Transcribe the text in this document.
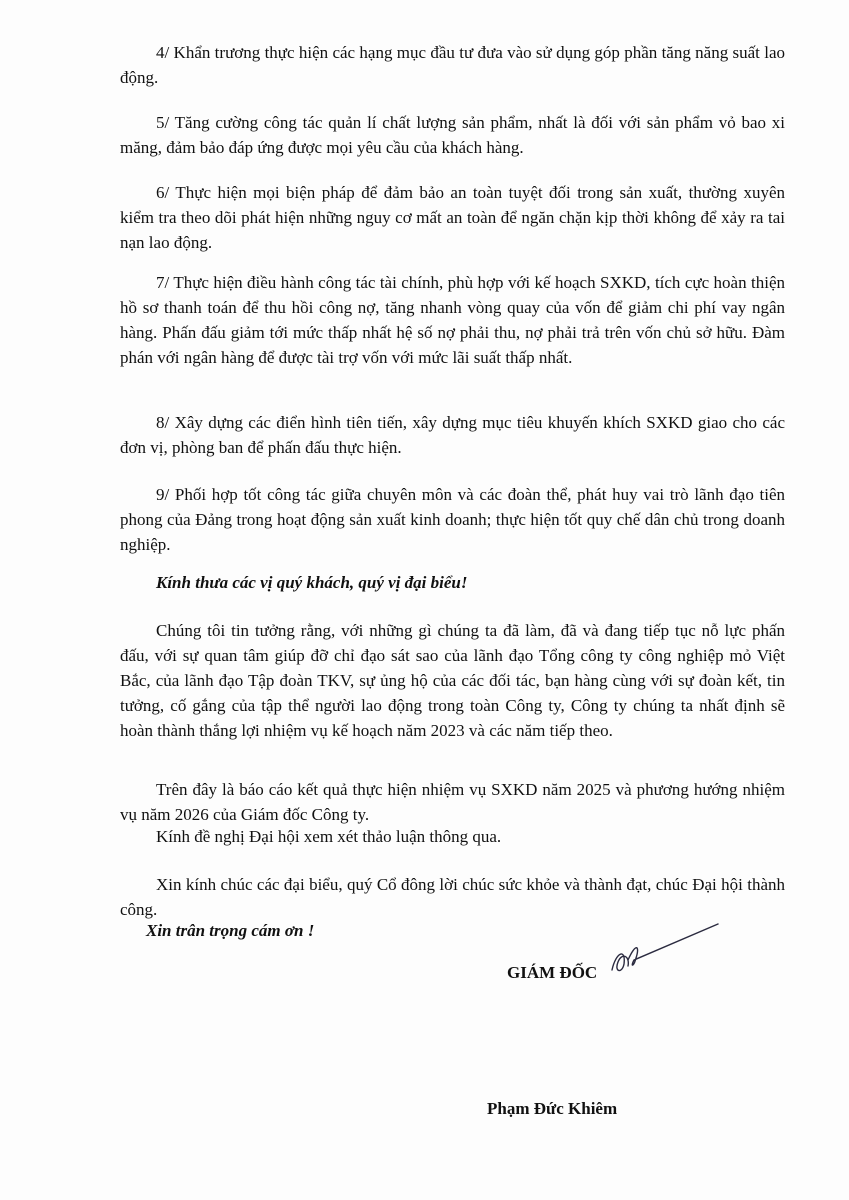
4/ Khẩn trương thực hiện các hạng mục đầu tư đưa vào sử dụng góp phần tăng năng suất lao động.

5/ Tăng cường công tác quản lí chất lượng sản phẩm, nhất là đối với sản phẩm vỏ bao xi măng, đảm bảo đáp ứng được mọi yêu cầu của khách hàng.

6/ Thực hiện mọi biện pháp để đảm bảo an toàn tuyệt đối trong sản xuất, thường xuyên kiểm tra theo dõi phát hiện những nguy cơ mất an toàn để ngăn chặn kịp thời không để xảy ra tai nạn lao động.

7/ Thực hiện điều hành công tác tài chính, phù hợp với kế hoạch SXKD, tích cực hoàn thiện hồ sơ thanh toán để thu hồi công nợ, tăng nhanh vòng quay của vốn để giảm chi phí vay ngân hàng. Phấn đấu giảm tới mức thấp nhất hệ số nợ phải thu, nợ phải trả trên vốn chủ sở hữu. Đàm phán với ngân hàng để được tài trợ vốn với mức lãi suất thấp nhất.

8/ Xây dựng các điển hình tiên tiến, xây dựng mục tiêu khuyến khích SXKD giao cho các đơn vị, phòng ban để phấn đấu thực hiện.

9/ Phối hợp tốt công tác giữa chuyên môn và các đoàn thể, phát huy vai trò lãnh đạo tiên phong của Đảng trong hoạt động sản xuất kinh doanh; thực hiện tốt quy chế dân chủ trong doanh nghiệp.

Kính thưa các vị quý khách, quý vị đại biểu!

Chúng tôi tin tưởng rằng, với những gì chúng ta đã làm, đã và đang tiếp tục nỗ lực phấn đấu, với sự quan tâm giúp đỡ chỉ đạo sát sao của lãnh đạo Tổng công ty công nghiệp mỏ Việt Bắc, của lãnh đạo Tập đoàn TKV, sự ủng hộ của các đối tác, bạn hàng cùng với sự đoàn kết, tin tưởng, cố gắng của tập thể người lao động trong toàn Công ty, Công ty chúng ta nhất định sẽ hoàn thành thắng lợi nhiệm vụ kế hoạch năm 2023 và các năm tiếp theo.

Trên đây là báo cáo kết quả thực hiện nhiệm vụ SXKD năm 2025 và phương hướng nhiệm vụ năm 2026 của Giám đốc Công ty.

Kính đề nghị Đại hội xem xét thảo luận thông qua.

Xin kính chúc các đại biểu, quý Cổ đông lời chúc sức khỏe và thành đạt, chúc Đại hội thành công.

Xin trân trọng cám ơn !

GIÁM ĐỐC

Phạm Đức Khiêm
